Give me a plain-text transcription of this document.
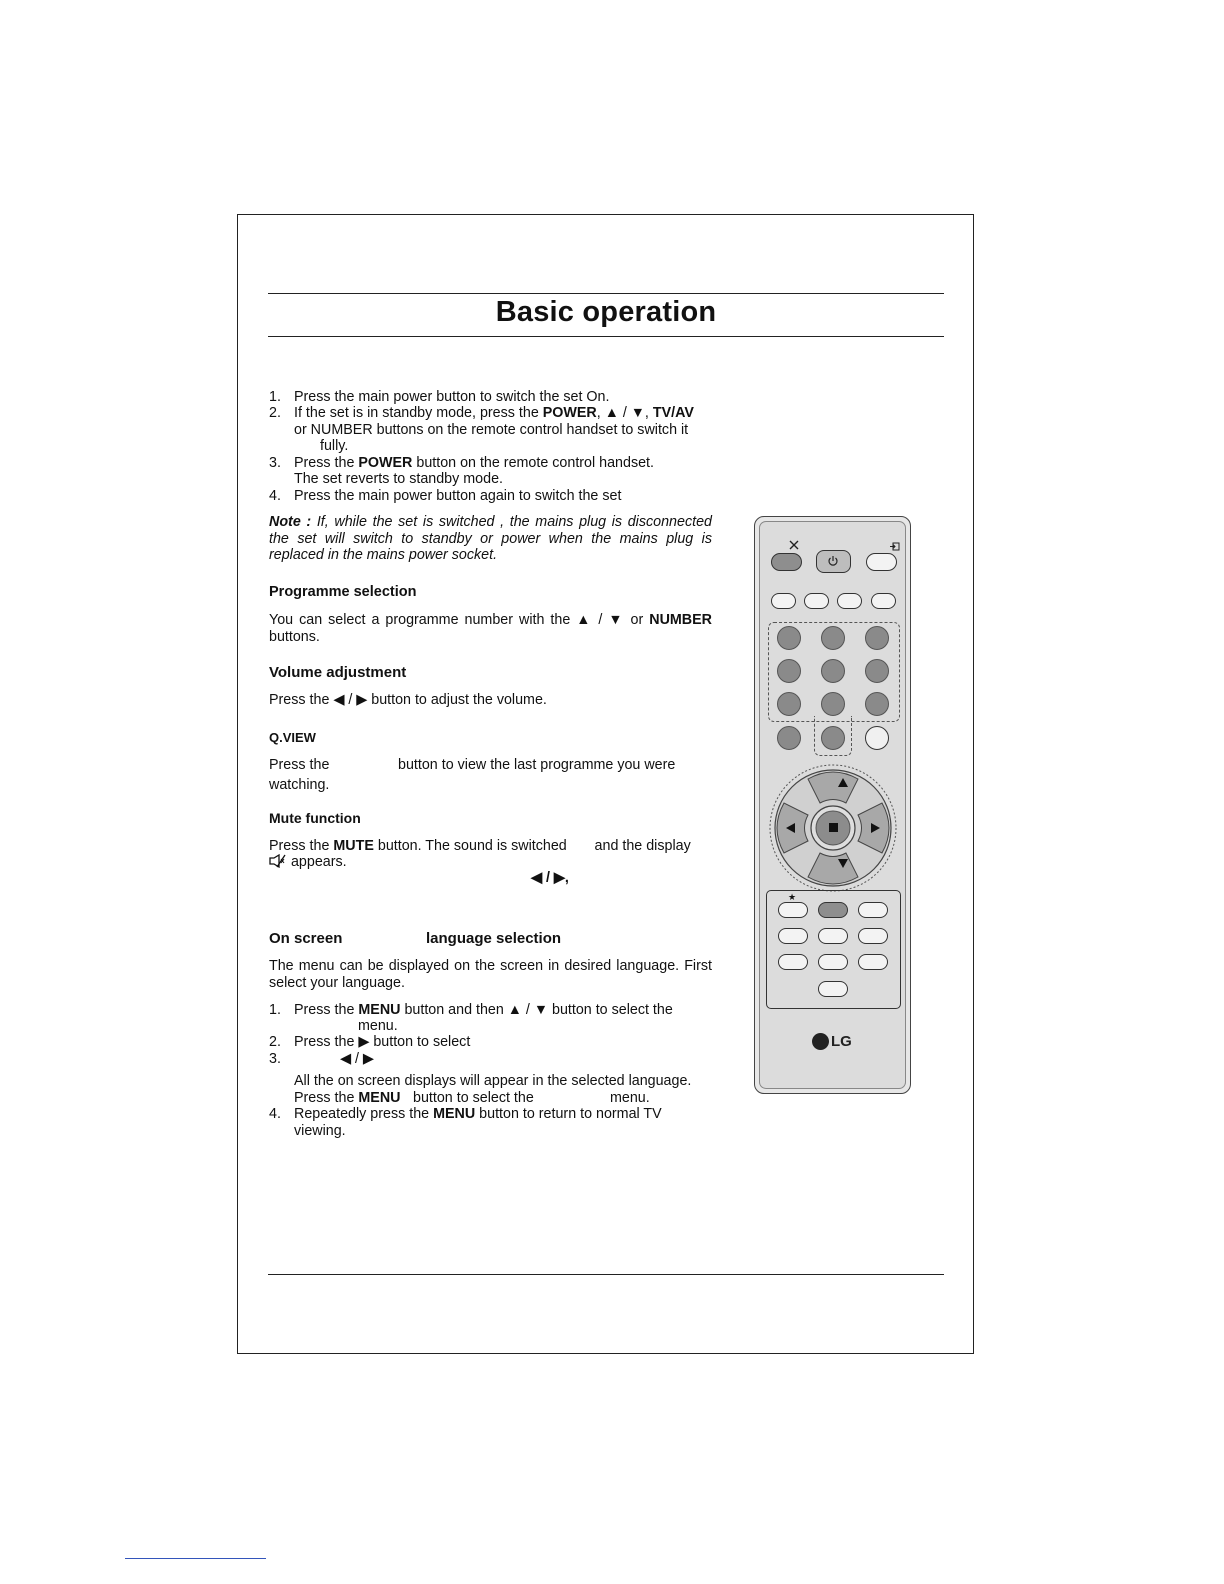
Basic operation
1. Press the main power button to switch the set On.
2. If the set is in standby mode, press the POWER, ▲ / ▼, TV/AV
or NUMBER buttons on the remote control handset to switch it
fully.
3. Press the POWER button on the remote control handset.
The set reverts to standby mode.
4. Press the main power button again to switch the set
Note : If, while the set is switched , the mains plug is disconnected the set will switch to standby or power when the mains plug is replaced in the mains power socket.
Programme selection
You can select a programme number with the ▲ / ▼ or NUMBER buttons.
Volume adjustment
Press the ◀ / ▶ button to adjust the volume.
Q.VIEW
Press the	button to view the last programme you were
watching.
Mute function
Press the MUTE button. The sound is switched       and the display
appears.
◀ / ▶,
On screen	language selection
The menu can be displayed on the screen in desired language. First select your language.
1. Press the MENU button and then ▲ / ▼ button to select the
menu.
2. Press the ▶ button to select
3.	◀ / ▶
All the on screen displays will appear in the selected language.
Press the MENU button to select the	menu.
4. Repeatedly press the MENU button to return to normal TV
viewing.
★
LG
